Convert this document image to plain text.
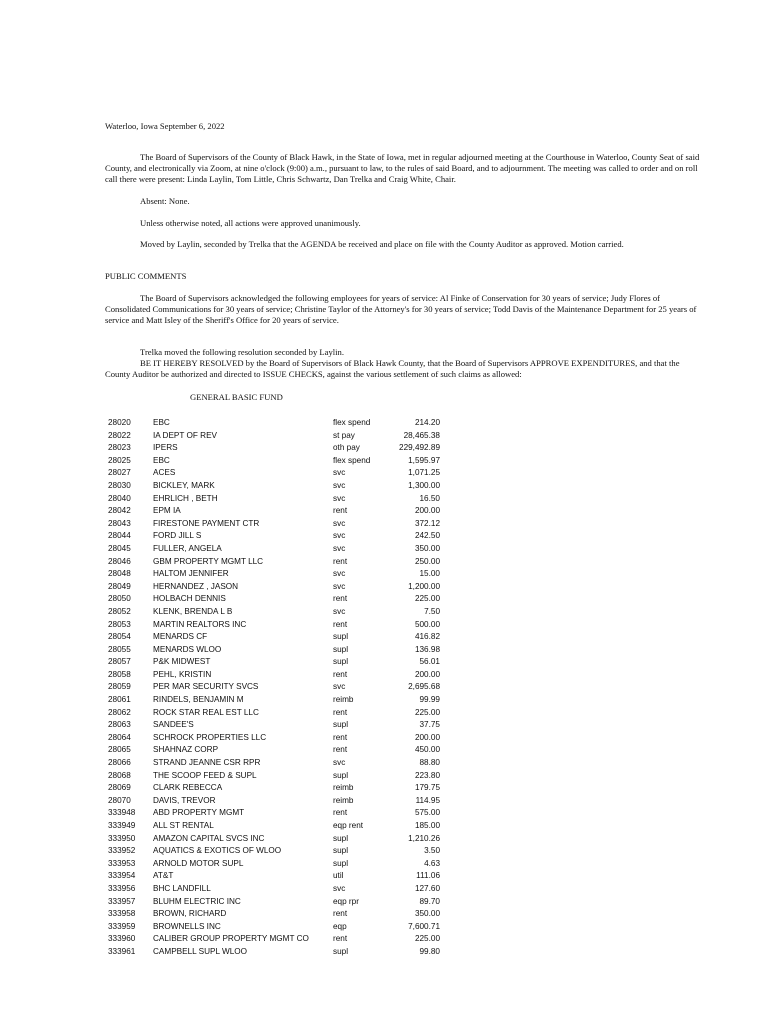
Waterloo, Iowa September 6, 2022

The Board of Supervisors of the County of Black Hawk, in the State of Iowa, met in regular adjourned meeting at the Courthouse in Waterloo, County Seat of said County, and electronically via Zoom, at nine o'clock (9:00) a.m., pursuant to law, to the rules of said Board, and to adjournment. The meeting was called to order and on roll call there were present: Linda Laylin, Tom Little, Chris Schwartz, Dan Trelka and Craig White, Chair.

Absent: None.

Unless otherwise noted, all actions were approved unanimously.

Moved by Laylin, seconded by Trelka that the AGENDA be received and place on file with the County Auditor as approved. Motion carried.

PUBLIC COMMENTS

The Board of Supervisors acknowledged the following employees for years of service: Al Finke of Conservation for 30 years of service; Judy Flores of Consolidated Communications for 30 years of service; Christine Taylor of the Attorney's for 30 years of service; Todd Davis of the Maintenance Department for 25 years of service and Matt Isley of the Sheriff's Office for 20 years of service.

Trelka moved the following resolution seconded by Laylin.

BE IT HEREBY RESOLVED by the Board of Supervisors of Black Hawk County, that the Board of Supervisors APPROVE EXPENDITURES, and that the County Auditor be authorized and directed to ISSUE CHECKS, against the various settlement of such claims as allowed:

GENERAL BASIC FUND
28020	EBC	flex spend	214.20
28022	IA DEPT OF REV	st pay	28,465.38
28023	IPERS	oth pay	229,492.89
28025	EBC	flex spend	1,595.97
28027	ACES	svc	1,071.25
28030	BICKLEY, MARK	svc	1,300.00
28040	EHRLICH , BETH	svc	16.50
28042	EPM IA	rent	200.00
28043	FIRESTONE PAYMENT CTR	svc	372.12
28044	FORD JILL S	svc	242.50
28045	FULLER, ANGELA	svc	350.00
28046	GBM PROPERTY MGMT LLC	rent	250.00
28048	HALTOM JENNIFER	svc	15.00
28049	HERNANDEZ , JASON	svc	1,200.00
28050	HOLBACH DENNIS	rent	225.00
28052	KLENK, BRENDA L B	svc	7.50
28053	MARTIN REALTORS INC	rent	500.00
28054	MENARDS CF	supl	416.82
28055	MENARDS WLOO	supl	136.98
28057	P&K MIDWEST	supl	56.01
28058	PEHL, KRISTIN	rent	200.00
28059	PER MAR SECURITY SVCS	svc	2,695.68
28061	RINDELS, BENJAMIN M	reimb	99.99
28062	ROCK STAR REAL EST LLC	rent	225.00
28063	SANDEE'S	supl	37.75
28064	SCHROCK PROPERTIES LLC	rent	200.00
28065	SHAHNAZ CORP	rent	450.00
28066	STRAND JEANNE CSR RPR	svc	88.80
28068	THE SCOOP FEED & SUPL	supl	223.80
28069	CLARK REBECCA	reimb	179.75
28070	DAVIS, TREVOR	reimb	114.95
333948	ABD PROPERTY MGMT	rent	575.00
333949	ALL ST RENTAL	eqp rent	185.00
333950	AMAZON CAPITAL SVCS INC	supl	1,210.26
333952	AQUATICS & EXOTICS OF WLOO	supl	3.50
333953	ARNOLD MOTOR SUPL	supl	4.63
333954	AT&T	util	111.06
333956	BHC LANDFILL	svc	127.60
333957	BLUHM ELECTRIC INC	eqp rpr	89.70
333958	BROWN, RICHARD	rent	350.00
333959	BROWNELLS INC	eqp	7,600.71
333960	CALIBER GROUP PROPERTY MGMT CO	rent	225.00
333961	CAMPBELL SUPL WLOO	supl	99.80
